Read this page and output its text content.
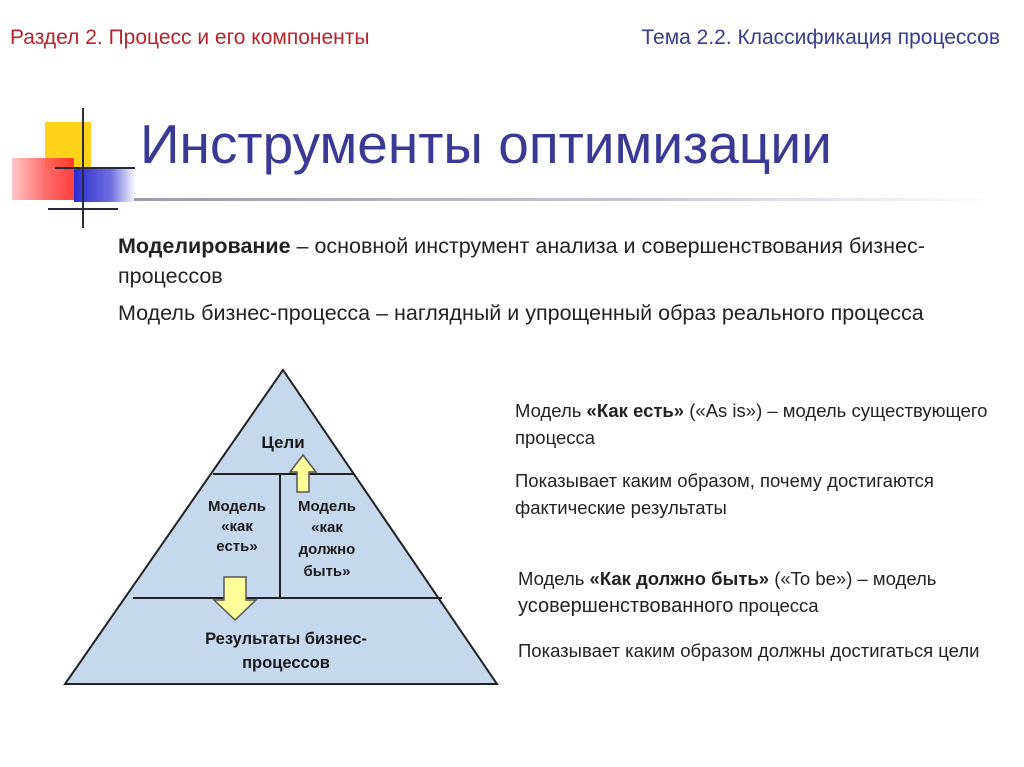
Раздел 2. Процесс и его компоненты	Тема 2.2. Классификация процессов
Инструменты оптимизации

Моделирование – основной инструмент анализа и совершенствования бизнес-процессов

Модель бизнес-процесса – наглядный и упрощенный образ реального процесса

Цели
Модель
«как
есть»
Модель
«как
должно
быть»
Результаты бизнес-
процессов

Модель «Как есть» («As is») – модель существующего процесса

Показывает каким образом, почему достигаются фактические результаты

Модель «Как должно быть» («To be») – модель усовершенствованного процесса

Показывает каким образом должны достигаться цели
